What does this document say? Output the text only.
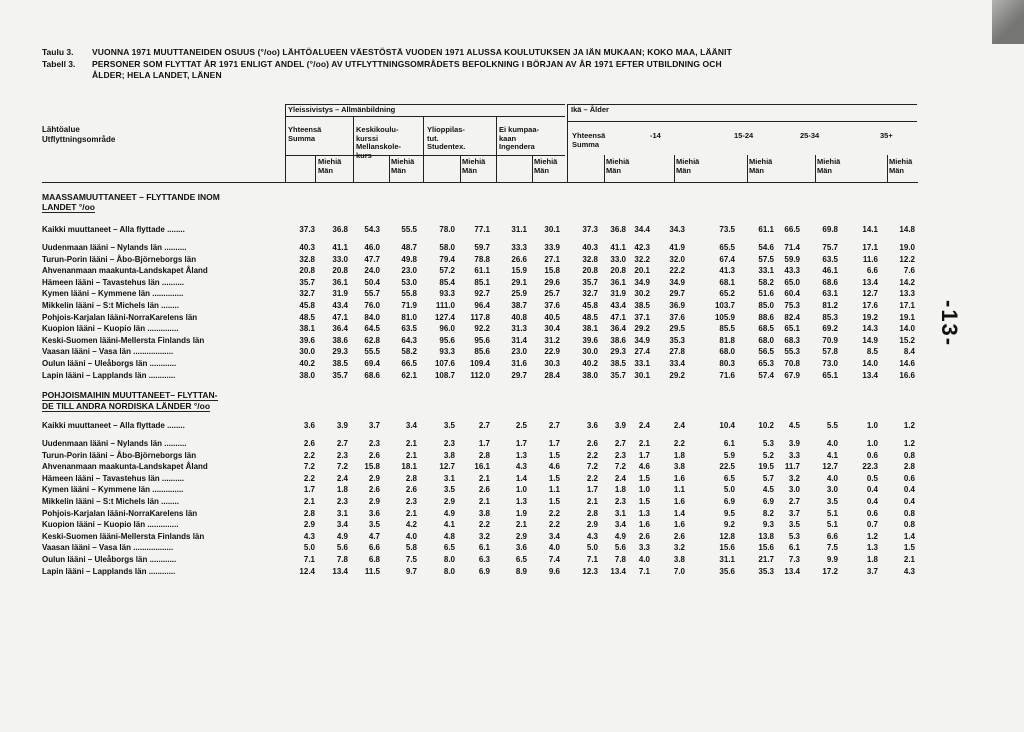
Taulu 3.	VUONNA 1971 MUUTTANEIDEN OSUUS (°/oo) LÄHTÖALUEEN VÄESTÖSTÄ VUODEN 1971 ALUSSA KOULUTUKSEN JA IÄN MUKAAN; KOKO MAA, LÄÄNIT
Tabell 3.	PERSONER SOM FLYTTAT ÅR 1971 ENLIGT ANDEL (°/oo) AV UTFLYTTNINGSOMRÅDETS BEFOLKNING I BÖRJAN AV ÅR 1971 EFTER UTBILDNING OCH
ÅLDER; HELA LANDET, LÄNEN
-13-
Lähtöalue
Utflyttningsområde
Yleissivistys – Allmänbildning	Ikä – Ålder
Yhteensä
Summa
Keskikoulu-
kurssi
Mellanskole-
kurs
Ylioppilas-
tut.
Studentex.
Ei kumpaa-
kaan
Ingendera
Yhteensä
Summa
-14	15-24	25-34	35+
Miehiä
Män
Miehiä
Män
Miehiä
Män
Miehiä
Män
Miehiä
Män
Miehiä
Män
Miehiä
Män
Miehiä
Män
Miehiä
Män
MAASSAMUUTTANEET – FLYTTANDE INOM
LANDET °/oo
Kaikki muuttaneet – Alla flyttade ........	37.3	36.8	54.3	55.5	78.0	77.1	31.1	30.1	37.3	36.8	34.4	34.3	73.5	61.1	66.5	69.8	14.1	14.8
Uudenmaan lääni – Nylands län ..........	40.3	41.1	46.0	48.7	58.0	59.7	33.3	33.9	40.3	41.1	42.3	41.9	65.5	54.6	71.4	75.7	17.1	19.0
Turun-Porin lääni – Åbo-Björneborgs län	32.8	33.0	47.7	49.8	79.4	78.8	26.6	27.1	32.8	33.0	32.2	32.0	67.4	57.5	59.9	63.5	11.6	12.2
Ahvenanmaan maakunta-Landskapet Åland	20.8	20.8	24.0	23.0	57.2	61.1	15.9	15.8	20.8	20.8	20.1	22.2	41.3	33.1	43.3	46.1	6.6	7.6
Hämeen lääni – Tavastehus län ..........	35.7	36.1	50.4	53.0	85.4	85.1	29.1	29.6	35.7	36.1	34.9	34.9	68.1	58.2	65.0	68.6	13.4	14.2
Kymen lääni – Kymmene län ..............	32.7	31.9	55.7	55.8	93.3	92.7	25.9	25.7	32.7	31.9	30.2	29.7	65.2	51.6	60.4	63.1	12.7	13.3
Mikkelin lääni – S:t Michels län ........	45.8	43.4	76.0	71.9	111.0	96.4	38.7	37.6	45.8	43.4	38.5	36.9	103.7	85.0	75.3	81.2	17.6	17.1
Pohjois-Karjalan lääni-NorraKarelens län	48.5	47.1	84.0	81.0	127.4	117.8	40.8	40.5	48.5	47.1	37.1	37.6	105.9	88.6	82.4	85.3	19.2	19.1
Kuopion lääni – Kuopio län ..............	38.1	36.4	64.5	63.5	96.0	92.2	31.3	30.4	38.1	36.4	29.2	29.5	85.5	68.5	65.1	69.2	14.3	14.0
Keski-Suomen lääni-Mellersta Finlands län	39.6	38.6	62.8	64.3	95.6	95.6	31.4	31.2	39.6	38.6	34.9	35.3	81.8	68.0	68.3	70.9	14.9	15.2
Vaasan lääni – Vasa län ..................	30.0	29.3	55.5	58.2	93.3	85.6	23.0	22.9	30.0	29.3	27.4	27.8	68.0	56.5	55.3	57.8	8.5	8.4
Oulun lääni – Uleåborgs län ............	40.2	38.5	69.4	66.5	107.6	109.4	31.6	30.3	40.2	38.5	33.1	33.4	80.3	65.3	70.8	73.0	14.0	14.6
Lapin lääni – Lapplands län ............	38.0	35.7	68.6	62.1	108.7	112.0	29.7	28.4	38.0	35.7	30.1	29.2	71.6	57.4	67.9	65.1	13.4	16.6
POHJOISMAIHIN MUUTTANEET– FLYTTAN-
DE TILL ANDRA NORDISKA LÄNDER °/oo
Kaikki muuttaneet – Alla flyttade ........	3.6	3.9	3.7	3.4	3.5	2.7	2.5	2.7	3.6	3.9	2.4	2.4	10.4	10.2	4.5	5.5	1.0	1.2
Uudenmaan lääni – Nylands län ..........	2.6	2.7	2.3	2.1	2.3	1.7	1.7	1.7	2.6	2.7	2.1	2.2	6.1	5.3	3.9	4.0	1.0	1.2
Turun-Porin lääni – Åbo-Björneborgs län	2.2	2.3	2.6	2.1	3.8	2.8	1.3	1.5	2.2	2.3	1.7	1.8	5.9	5.2	3.3	4.1	0.6	0.8
Ahvenanmaan maakunta-Landskapet Åland	7.2	7.2	15.8	18.1	12.7	16.1	4.3	4.6	7.2	7.2	4.6	3.8	22.5	19.5	11.7	12.7	22.3	2.8
Hämeen lääni – Tavastehus län ..........	2.2	2.4	2.9	2.8	3.1	2.1	1.4	1.5	2.2	2.4	1.5	1.6	6.5	5.7	3.2	4.0	0.5	0.6
Kymen lääni – Kymmene län ..............	1.7	1.8	2.6	2.6	3.5	2.6	1.0	1.1	1.7	1.8	1.0	1.1	5.0	4.5	3.0	3.0	0.4	0.4
Mikkelin lääni – S:t Michels län ........	2.1	2.3	2.9	2.3	2.9	2.1	1.3	1.5	2.1	2.3	1.5	1.6	6.9	6.9	2.7	3.5	0.4	0.4
Pohjois-Karjalan lääni-NorraKarelens län	2.8	3.1	3.6	2.1	4.9	3.8	1.9	2.2	2.8	3.1	1.3	1.4	9.5	8.2	3.7	5.1	0.6	0.8
Kuopion lääni – Kuopio län ..............	2.9	3.4	3.5	4.2	4.1	2.2	2.1	2.2	2.9	3.4	1.6	1.6	9.2	9.3	3.5	5.1	0.7	0.8
Keski-Suomen lääni-Mellersta Finlands län	4.3	4.9	4.7	4.0	4.8	3.2	2.9	3.4	4.3	4.9	2.6	2.6	12.8	13.8	5.3	6.6	1.2	1.4
Vaasan lääni – Vasa län ..................	5.0	5.6	6.6	5.8	6.5	6.1	3.6	4.0	5.0	5.6	3.3	3.2	15.6	15.6	6.1	7.5	1.3	1.5
Oulun lääni – Uleåborgs län ............	7.1	7.8	6.8	7.5	8.0	6.3	6.5	7.4	7.1	7.8	4.0	3.8	31.1	21.7	7.3	9.9	1.8	2.1
Lapin lääni – Lapplands län ............	12.4	13.4	11.5	9.7	8.0	6.9	8.9	9.6	12.3	13.4	7.1	7.0	35.6	35.3	13.4	17.2	3.7	4.3
